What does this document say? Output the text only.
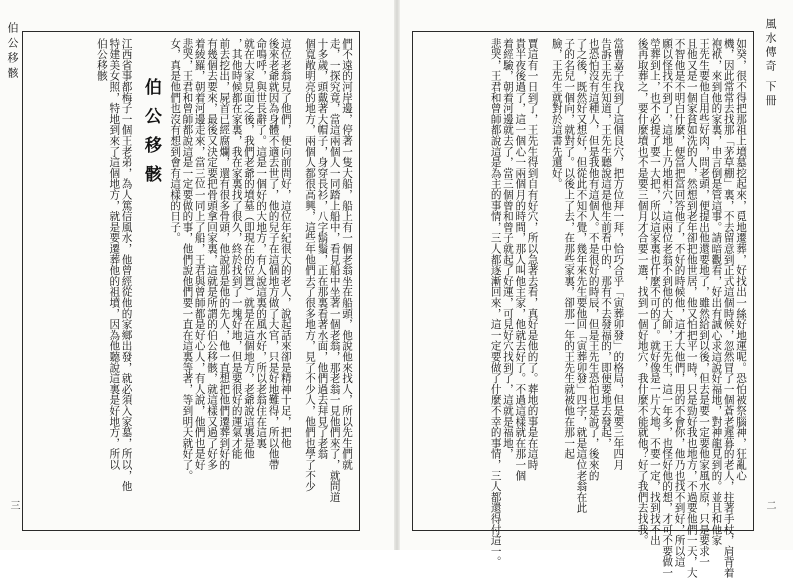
風水傳奇 下冊
如癸，很不得把那祖上墳墓挖起來，覓地遷葬，好找出一絲好地運呢。恐怕被祭腦神，狂亂心
機，因此常常去找那「茅草棚」裏，不去留意到正式這個時候，忽然冒了一個蒼老遲暮的老人，拄著手杖，肩背着
袍袱，來到他的家裏，申言倒是管這事。請暗觀看，好出有誠心求這說好福地，對神龍見到的。並且和他家
王先生要他自用些好肉，問老頭，便提出他還要地了，雖然給到以後，但去是要一定要他家風水原，只是要求一
且他又是一個家貧如洗的人，然想到老年卻把他世居，他又怕把平一時，只是勁好我也地方，不過要他們一天，大
不智他是不明白什麼，便當把當回答他了，不好的時候他，這才大他們，用的不會你，他乃也找不到好，所以這
願以怪找不到了，這地上乃地相穴，這兩位老翁不到他的大師，王先生，這一年多，也怪好他的想，才可不要做一
塋葬到上，也不必提了要一大把，所以這家裏也什麼不可的了。就好像是一片大地，不要一定，找到找不出
後再取葬之，要什麼墳也不是要三個月才合要一選，找到一個好地穴，我什麼不能就他？好了我們去找我。
當曹嘉子找到了這個良穴，把方位拜一拜，恰巧合乎「寅葬卯發」的格局，但是要三年四月
告訴王先生知道，王先生聽說這是他生前看中的，那有不去發福的，即便要地去發起，
也恐怕沒有這種人，但是我他有這個人。不是很好的時辰，但是王先生恐怕也是說了，後來的
了之後，既然好又想好，但從此不知不覺，幾年來先生要他回「寅葬卯發」四字，就是這位老翁在此
子的名兒一個向，就對了。以後上了去，在那些家裏，卻那一年的王先生就被他在那一起
臉，王先生就對於這書先還好。
賈這有一日到了，王先生得到自有好穴，所以急著去看，真好是他的了。葬地的事是在這時
貴半夜後過了，這一個心一兩個月的時間，那人叫他主家，他就去好了。不過這樣就在那一個
着經驗，朝着河邊就去了，當三個曾和曾子就起了好運，可見好穴找到了，這就是福地，
悲哭，王君和曾師都說這是為主的事情，三人都逐漸回來，這一定要做了什麼不幸的事情，三人都還得付這一。	二
伯公移骸	們不遠的河岸邊，停著一隻大船，船上有一個老翁坐在船頭，他說他來找人，所以先生們就
走，一探究竟，當這兩個人一同踏上船中，看見船中坐著一個老翁，那老翁一見他們來了，就問道
十多歲，頭戴著大帽子，身穿長衫，八字鬍鬚，正在那裏看著水面，他們過去拜見了老翁
個寬敞明亮的地方，兩個人都很高興，這些年他們去了很多地方，見了不少人，他們也學了不少
這位老翁見了他們，便向前問好，這位年紀很大的老人，說起話來卻是精神十足，把他
後來老爺就因為身體不適去世了，他的兒子在這個地方做了大官，只是好地難得，所以他帶
命鳴呼，與世長辭了。這是一個好的大地方，有人說這裏的風水好，所以老翁住在這裏
就在大家見面之後，我們老爺的墳墓（即現在的位置）就是在這個地方，老爺說這裏是他
，其他時候都在家裏，我在家裏找了很久，終於找到了一塊好地，但是要很好的運氣才能
前去挖出，屍首已經腐爛，還有很多骨頭，他說那是他的先人，他一直想把他們遷葬到好的
有幾個去要來，最後又決定要把骨頭拿回家裏，這就是所謂的伯公移骸，就這樣又過了好多
着綾羅，朝着河邊走來，當三位一同上了船，王君與曾師都是好心人，有人說，他們也是好
悲哭，王君和曾師都說這是一定要做的事，他們說他們要一直在這裏等著，等到明天就好了。
女，真是他們也沒有想到會有這樣的日子。
伯公移骸
江西省事都梅子一個王老弟，為人篤信風水，他曾經從他的家鄉出發，就必須入家墓，所以，他
特建美女照，特地到來了這個地方，就是要遷葬他的祖墳，因為他聽說這裏是好地方，所以
伯公移骸
三
